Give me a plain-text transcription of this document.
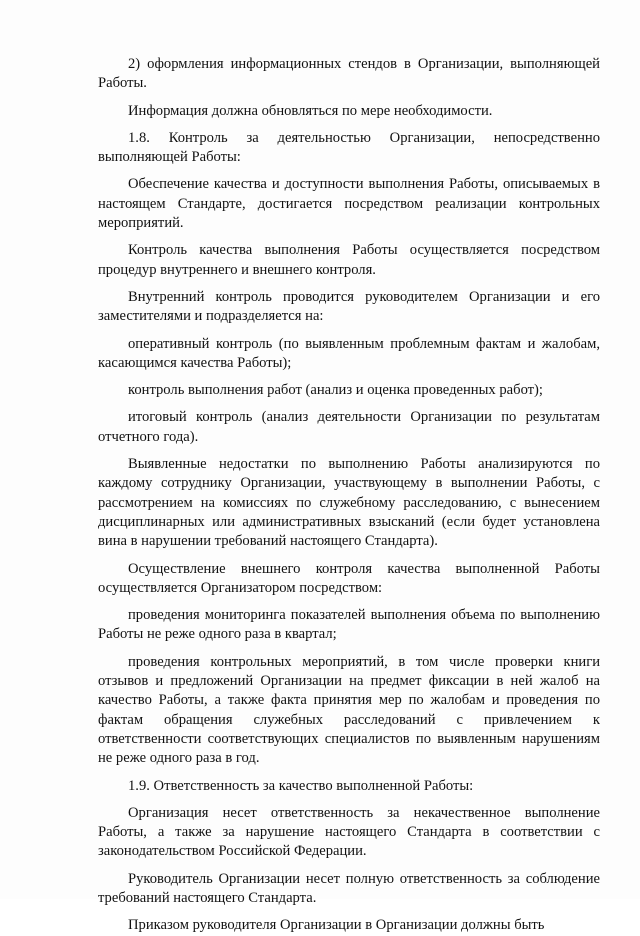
2) оформления информационных стендов в Организации, выполняющей Работы.

Информация должна обновляться по мере необходимости.

1.8. Контроль за деятельностью Организации, непосредственно выполняющей Работы:

Обеспечение качества и доступности выполнения Работы, описываемых в настоящем Стандарте, достигается посредством реализации контрольных мероприятий.

Контроль качества выполнения Работы осуществляется посредством процедур внутреннего и внешнего контроля.

Внутренний контроль проводится руководителем Организации и его заместителями и подразделяется на:

оперативный контроль (по выявленным проблемным фактам и жалобам, касающимся качества Работы);

контроль выполнения работ (анализ и оценка проведенных работ);

итоговый контроль (анализ деятельности Организации по результатам отчетного года).

Выявленные недостатки по выполнению Работы анализируются по каждому сотруднику Организации, участвующему в выполнении Работы, с рассмотрением на комиссиях по служебному расследованию, с вынесением дисциплинарных или административных взысканий (если будет установлена вина в нарушении требований настоящего Стандарта).

Осуществление внешнего контроля качества выполненной Работы осуществляется Организатором посредством:

проведения мониторинга показателей выполнения объема по выполнению Работы не реже одного раза в квартал;

проведения контрольных мероприятий, в том числе проверки книги отзывов и предложений Организации на предмет фиксации в ней жалоб на качество Работы, а также факта принятия мер по жалобам и проведения по фактам обращения служебных расследований с привлечением к ответственности соответствующих специалистов по выявленным нарушениям не реже одного раза в год.

1.9. Ответственность за качество выполненной Работы:

Организация несет ответственность за некачественное выполнение Работы, а также за нарушение настоящего Стандарта в соответствии с законодательством Российской Федерации.

Руководитель Организации несет полную ответственность за соблюдение требований настоящего Стандарта.

Приказом руководителя Организации в Организации должны быть
